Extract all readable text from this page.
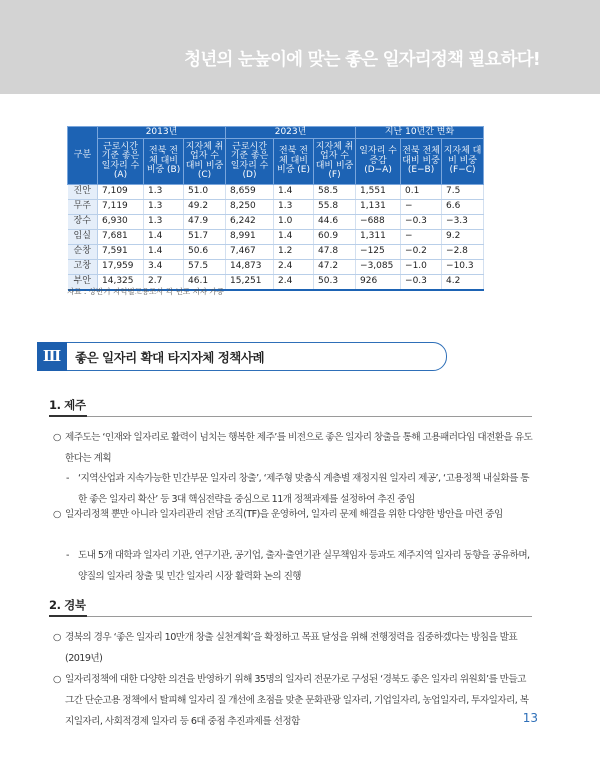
청년의 눈높이에 맞는 좋은 일자리정책 필요하다!
구분	2013년			2023년			지난 10년간 변화		
	근로시간 기준 좋은 일자리 수 (A)	전북 전체 대비 비중 (B)	지자체 취업자 수 대비 비중 (C)	근로시간 기준 좋은 일자리 수 (D)	전북 전체 대비 비중 (E)	지자체 취업자 수 대비 비중 (F)	일자리 수 증감 (D−A)	전북 전체 대비 비중 (E−B)	지자체 대비 비중 (F−C)
진안	7,109	1.3	51.0	8,659	1.4	58.5	1,551	0.1	7.5
무주	7,119	1.3	49.2	8,250	1.3	55.8	1,131	−	6.6
장수	6,930	1.3	47.9	6,242	1.0	44.6	−688	−0.3	−3.3
임실	7,681	1.4	51.7	8,991	1.4	60.9	1,311	−	9.2
순창	7,591	1.4	50.6	7,467	1.2	47.8	−125	−0.2	−2.8
고창	17,959	3.4	57.5	14,873	2.4	47.2	−3,085	−1.0	−10.3
부안	14,325	2.7	46.1	15,251	2.4	50.3	926	−0.3	4.2
자료 : 상반기 지역별고용조사 각 년도 저자 가공
Ⅲ	좋은 일자리 확대 타지자체 정책사례
1. 제주
○ 제주도는 ‘인재와 일자리로 활력이 넘치는 행복한 제주’를 비전으로 좋은 일자리 창출을 통해 고용패러다임 대전환을 유도한다는 계획
- ‘지역산업과 지속가능한 민간부문 일자리 창출’, ‘제주형 맞춤식 계층별 재정지원 일자리 제공’, ‘고용정책 내실화를 통한 좋은 일자리 확산’ 등 3대 핵심전략을 중심으로 11개 정책과제를 설정하여 추진 중임
○ 일자리정책 뿐만 아니라 일자리관리 전담 조직(TF)을 운영하여, 일자리 문제 해결을 위한 다양한 방안을 마련 중임
- 도내 5개 대학과 일자리 기관, 연구기관, 공기업, 출자·출연기관 실무책임자 등과도 제주지역 일자리 동향을 공유하며, 양질의 일자리 창출 및 민간 일자리 시장 활력화 논의 진행
2. 경북
○ 경북의 경우 ‘좋은 일자리 10만개 창출 실천계획’을 확정하고 목표 달성을 위해 전행정력을 집중하겠다는 방침을 발표(2019년)
○ 일자리정책에 대한 다양한 의견을 반영하기 위해 35명의 일자리 전문가로 구성된 ‘경북도 좋은 일자리 위원회’를 만들고 그간 단순고용 정책에서 탈피해 일자리 질 개선에 초점을 맞춘 문화관광 일자리, 기업일자리, 농업일자리, 투자일자리, 복지일자리, 사회적경제 일자리 등 6대 중점 추진과제를 선정함	13
